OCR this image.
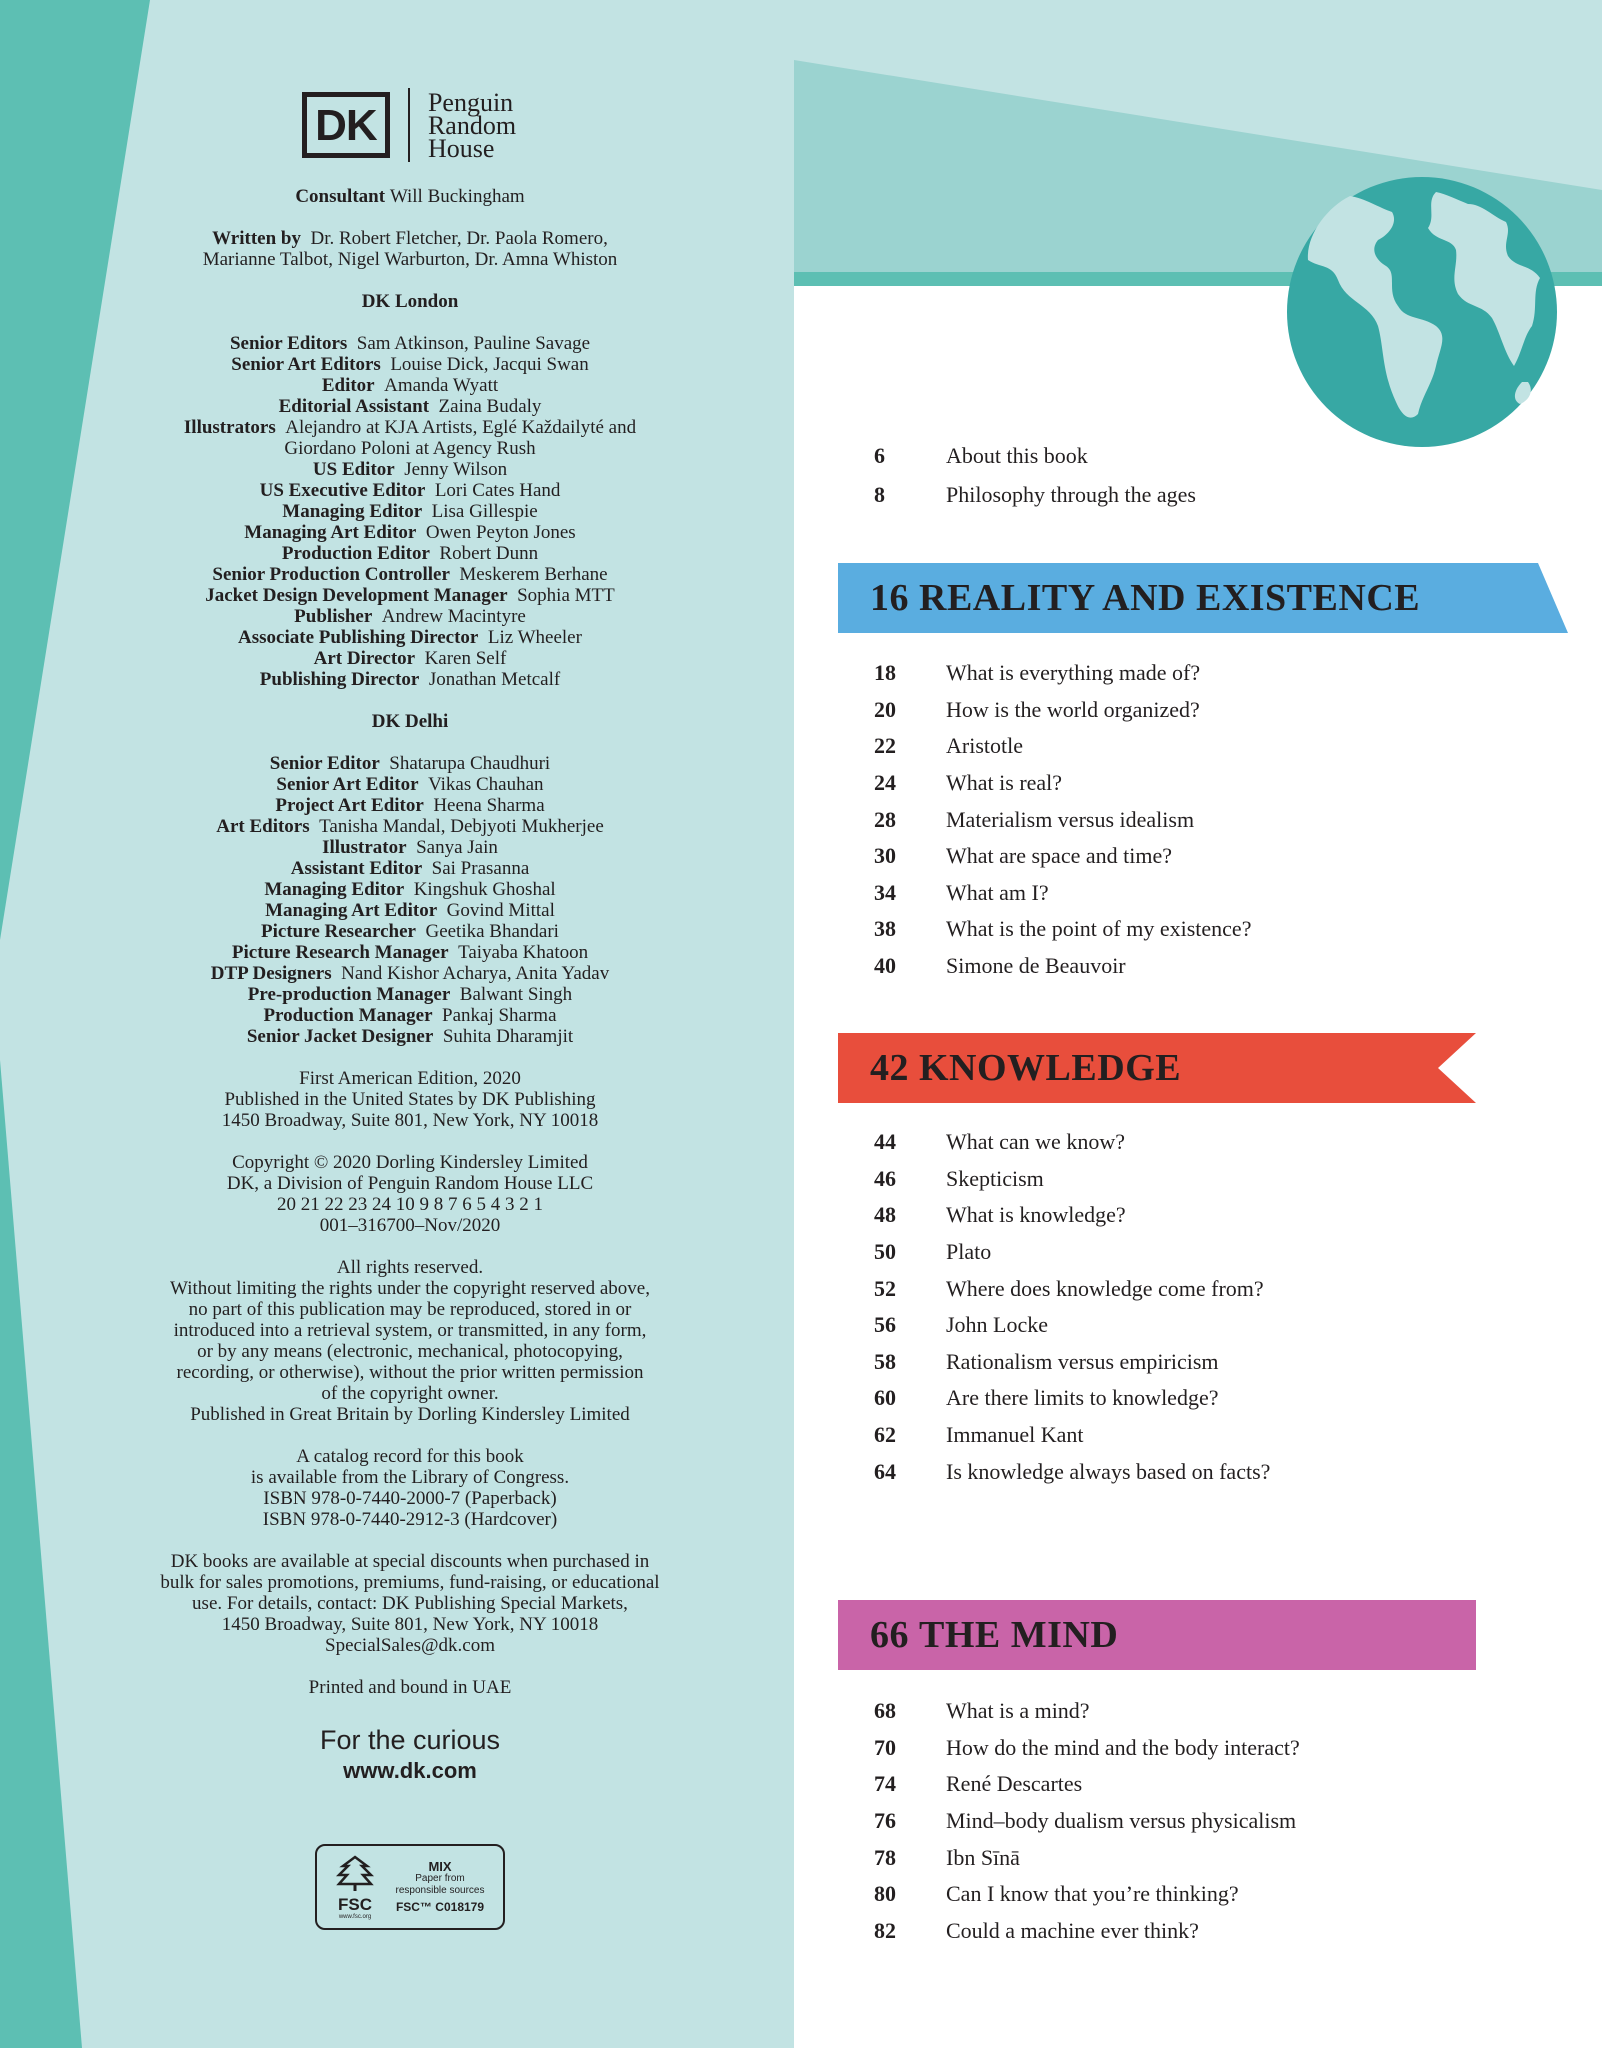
DK	Penguin
Random
House
Consultant Will Buckingham
Written by Dr. Robert Fletcher, Dr. Paola Romero,
Marianne Talbot, Nigel Warburton, Dr. Amna Whiston
DK London
Senior Editors Sam Atkinson, Pauline Savage
Senior Art Editors Louise Dick, Jacqui Swan
Editor Amanda Wyatt
Editorial Assistant Zaina Budaly
Illustrators Alejandro at KJA Artists, Eglé Každailyté and
Giordano Poloni at Agency Rush
US Editor Jenny Wilson
US Executive Editor Lori Cates Hand
Managing Editor Lisa Gillespie
Managing Art Editor Owen Peyton Jones
Production Editor Robert Dunn
Senior Production Controller Meskerem Berhane
Jacket Design Development Manager Sophia MTT
Publisher Andrew Macintyre
Associate Publishing Director Liz Wheeler
Art Director Karen Self
Publishing Director Jonathan Metcalf
DK Delhi
Senior Editor Shatarupa Chaudhuri
Senior Art Editor Vikas Chauhan
Project Art Editor Heena Sharma
Art Editors Tanisha Mandal, Debjyoti Mukherjee
Illustrator Sanya Jain
Assistant Editor Sai Prasanna
Managing Editor Kingshuk Ghoshal
Managing Art Editor Govind Mittal
Picture Researcher Geetika Bhandari
Picture Research Manager Taiyaba Khatoon
DTP Designers Nand Kishor Acharya, Anita Yadav
Pre-production Manager Balwant Singh
Production Manager Pankaj Sharma
Senior Jacket Designer Suhita Dharamjit
First American Edition, 2020
Published in the United States by DK Publishing
1450 Broadway, Suite 801, New York, NY 10018
Copyright © 2020 Dorling Kindersley Limited
DK, a Division of Penguin Random House LLC
20 21 22 23 24 10 9 8 7 6 5 4 3 2 1
001–316700–Nov/2020
All rights reserved.
Without limiting the rights under the copyright reserved above,
no part of this publication may be reproduced, stored in or
introduced into a retrieval system, or transmitted, in any form,
or by any means (electronic, mechanical, photocopying,
recording, or otherwise), without the prior written permission
of the copyright owner.
Published in Great Britain by Dorling Kindersley Limited
A catalog record for this book
is available from the Library of Congress.
ISBN 978-0-7440-2000-7 (Paperback)
ISBN 978-0-7440-2912-3 (Hardcover)
DK books are available at special discounts when purchased in
bulk for sales promotions, premiums, fund-raising, or educational
use. For details, contact: DK Publishing Special Markets,
1450 Broadway, Suite 801, New York, NY 10018
SpecialSales@dk.com
Printed and bound in UAE
For the curious
www.dk.com
FSC
www.fsc.org
MIX
Paper from
responsible sources
FSC™ C018179
6	About this book
8	Philosophy through the ages
16
REALITY AND EXISTENCE
18	What is everything made of?
20	How is the world organized?
22	Aristotle
24	What is real?
28	Materialism versus idealism
30	What are space and time?
34	What am I?
38	What is the point of my existence?
40	Simone de Beauvoir
42
KNOWLEDGE
44	What can we know?
46	Skepticism
48	What is knowledge?
50	Plato
52	Where does knowledge come from?
56	John Locke
58	Rationalism versus empiricism
60	Are there limits to knowledge?
62	Immanuel Kant
64	Is knowledge always based on facts?
66
THE MIND
68	What is a mind?
70	How do the mind and the body interact?
74	René Descartes
76	Mind–body dualism versus physicalism
78	Ibn Sīnā
80	Can I know that you’re thinking?
82	Could a machine ever think?
